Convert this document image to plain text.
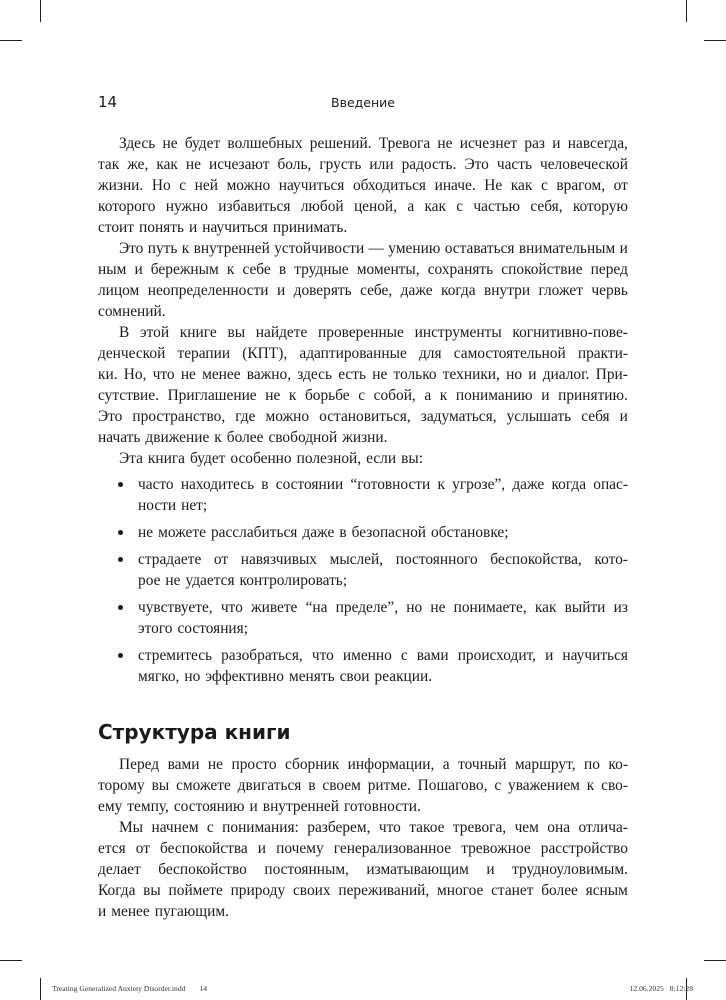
14	Введение
Здесь не будет волшебных решений. Тревога не исчезнет раз и навсегда,
так же, как не исчезают боль, грусть или радость. Это часть человеческой
жизни. Но с ней можно научиться обходиться иначе. Не как с врагом, от
которого нужно избавиться любой ценой, а как с частью себя, которую
стоит понять и научиться принимать.
Это путь к внутренней устойчивости — умению оставаться внимательным и
ным и бережным к себе в трудные моменты, сохранять спокойствие перед
лицом неопределенности и доверять себе, даже когда внутри гложет червь
сомнений.
В этой книге вы найдете проверенные инструменты когнитивно-пове-
денческой терапии (КПТ), адаптированные для самостоятельной практи-
ки. Но, что не менее важно, здесь есть не только техники, но и диалог. При-
сутствие. Приглашение не к борьбе с собой, а к пониманию и принятию.
Это пространство, где можно остановиться, задуматься, услышать себя и
начать движение к более свободной жизни.
Эта книга будет особенно полезной, если вы:
часто находитесь в состоянии “готовности к угрозе”, даже когда опас-
ности нет;
не можете расслабиться даже в безопасной обстановке;
страдаете от навязчивых мыслей, постоянного беспокойства, кото-
рое не удается контролировать;
чувствуете, что живете “на пределе”, но не понимаете, как выйти из
этого состояния;
стремитесь разобраться, что именно с вами происходит, и научиться
мягко, но эффективно менять свои реакции.
Структура книги
Перед вами не просто сборник информации, а точный маршрут, по ко-
торому вы сможете двигаться в своем ритме. Пошагово, с уважением к сво-
ему темпу, состоянию и внутренней готовности.
Мы начнем с понимания: разберем, что такое тревога, чем она отлича-
ется от беспокойства и почему генерализованное тревожное расстройство
делает беспокойство постоянным, изматывающим и трудноуловимым.
Когда вы поймете природу своих переживаний, многое станет более ясным
и менее пугающим.
Treating Generalized Anxiety Disorder.indd 14	12.06.2025 8:12:28
